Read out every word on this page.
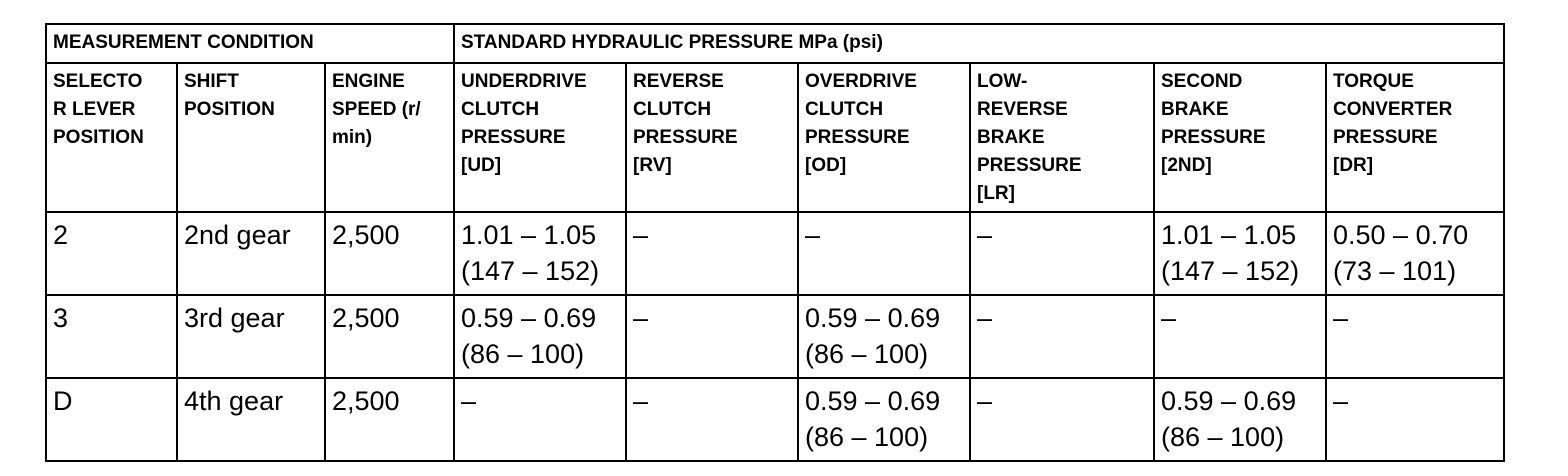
MEASUREMENT CONDITION			STANDARD HYDRAULIC PRESSURE MPa (psi)					

SELECTO
R LEVER
POSITION	SHIFT
POSITION	ENGINE
SPEED (r/
min)	UNDERDRIVE
CLUTCH
PRESSURE
[UD]	REVERSE
CLUTCH
PRESSURE
[RV]	OVERDRIVE
CLUTCH
PRESSURE
[OD]	LOW-
REVERSE
BRAKE
PRESSURE
[LR]	SECOND
BRAKE
PRESSURE
[2ND]	TORQUE
CONVERTER
PRESSURE
[DR]

2	2nd gear	2,500	1.01 – 1.05
(147 – 152)	–	–	–	1.01 – 1.05
(147 – 152)	0.50 – 0.70
(73 – 101)

3	3rd gear	2,500	0.59 – 0.69
(86 – 100)	–	0.59 – 0.69
(86 – 100)	–	–	–

D	4th gear	2,500	–	–	0.59 – 0.69
(86 – 100)	–	0.59 – 0.69
(86 – 100)	–
